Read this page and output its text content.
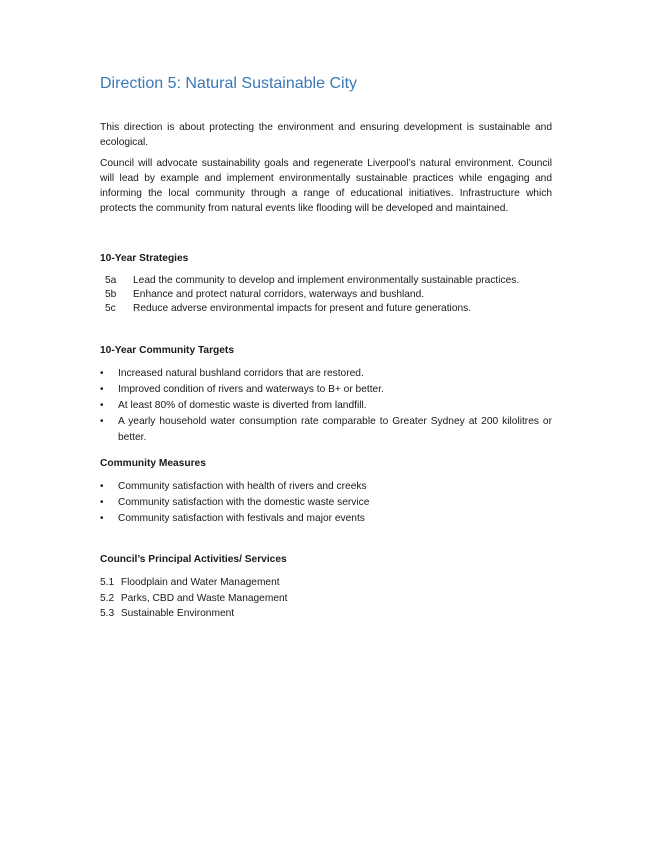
Direction 5: Natural Sustainable City

This direction is about protecting the environment and ensuring development is sustainable and ecological.

Council will advocate sustainability goals and regenerate Liverpool’s natural environment. Council will lead by example and implement environmentally sustainable practices while engaging and informing the local community through a range of educational initiatives. Infrastructure which protects the community from natural events like flooding will be developed and maintained.

10-Year Strategies
5a	Lead the community to develop and implement environmentally sustainable practices.
5b	Enhance and protect natural corridors, waterways and bushland.
5c	Reduce adverse environmental impacts for present and future generations.
10-Year Community Targets
•	Increased natural bushland corridors that are restored.
•	Improved condition of rivers and waterways to B+ or better.
•	At least 80% of domestic waste is diverted from landfill.
•	A yearly household water consumption rate comparable to Greater Sydney at 200 kilolitres or better.
Community Measures
•	Community satisfaction with health of rivers and creeks
•	Community satisfaction with the domestic waste service
•	Community satisfaction with festivals and major events
Council’s Principal Activities/ Services
5.1 Floodplain and Water Management
5.2 Parks, CBD and Waste Management
5.3 Sustainable Environment
